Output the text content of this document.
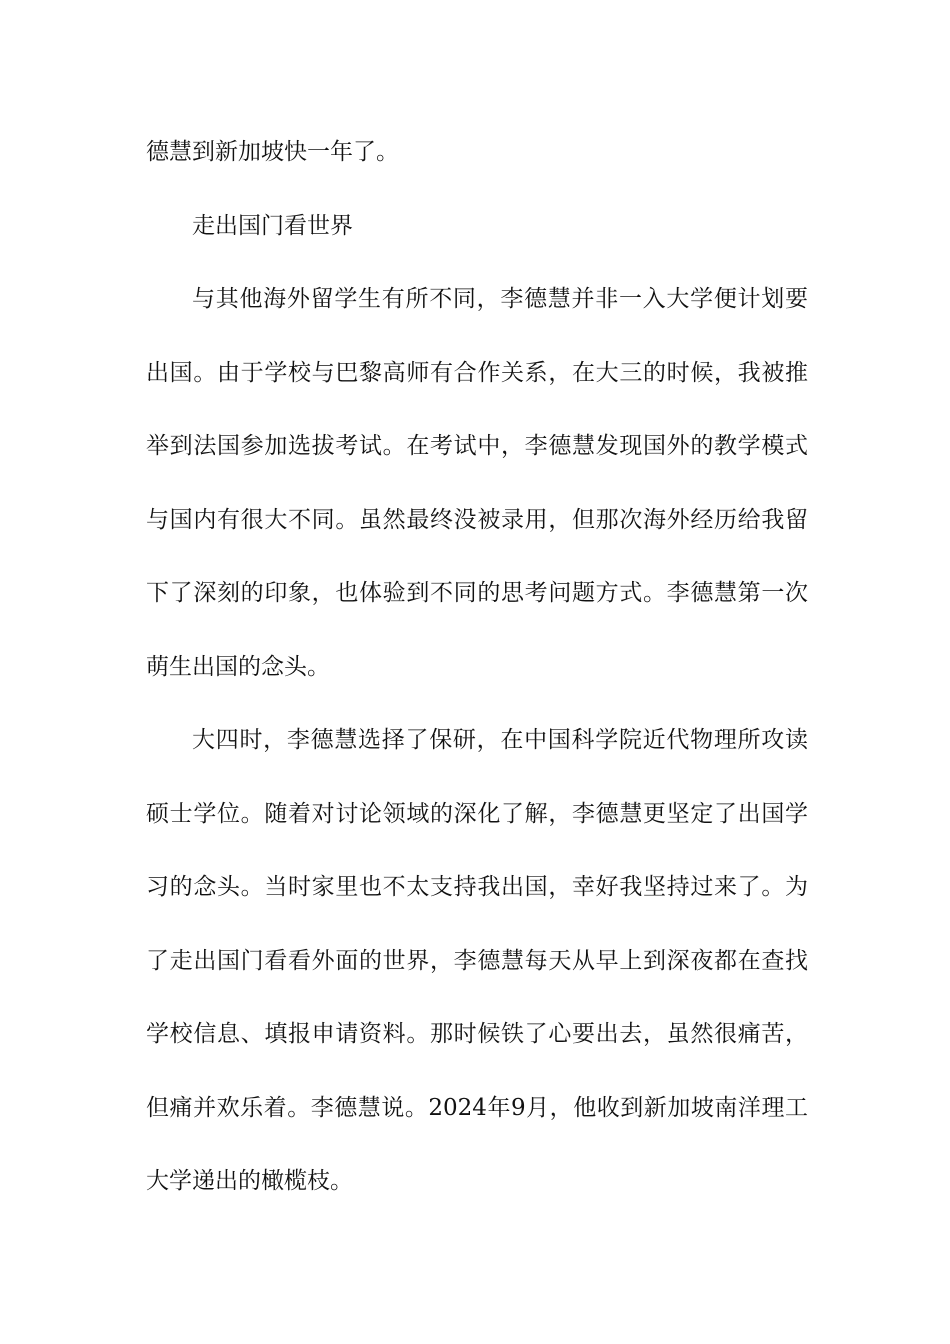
德慧到新加坡快一年了。

走出国门看世界

与其他海外留学生有所不同，李德慧并非一入大学便计划要出国。由于学校与巴黎高师有合作关系，在大三的时候，我被推举到法国参加选拔考试。在考试中，李德慧发现国外的教学模式与国内有很大不同。虽然最终没被录用，但那次海外经历给我留下了深刻的印象，也体验到不同的思考问题方式。李德慧第一次萌生出国的念头。

大四时，李德慧选择了保研，在中国科学院近代物理所攻读硕士学位。随着对讨论领域的深化了解，李德慧更坚定了出国学习的念头。当时家里也不太支持我出国，幸好我坚持过来了。为了走出国门看看外面的世界，李德慧每天从早上到深夜都在查找学校信息、填报申请资料。那时候铁了心要出去，虽然很痛苦，但痛并欢乐着。李德慧说。2024年9月，他收到新加坡南洋理工大学递出的橄榄枝。
